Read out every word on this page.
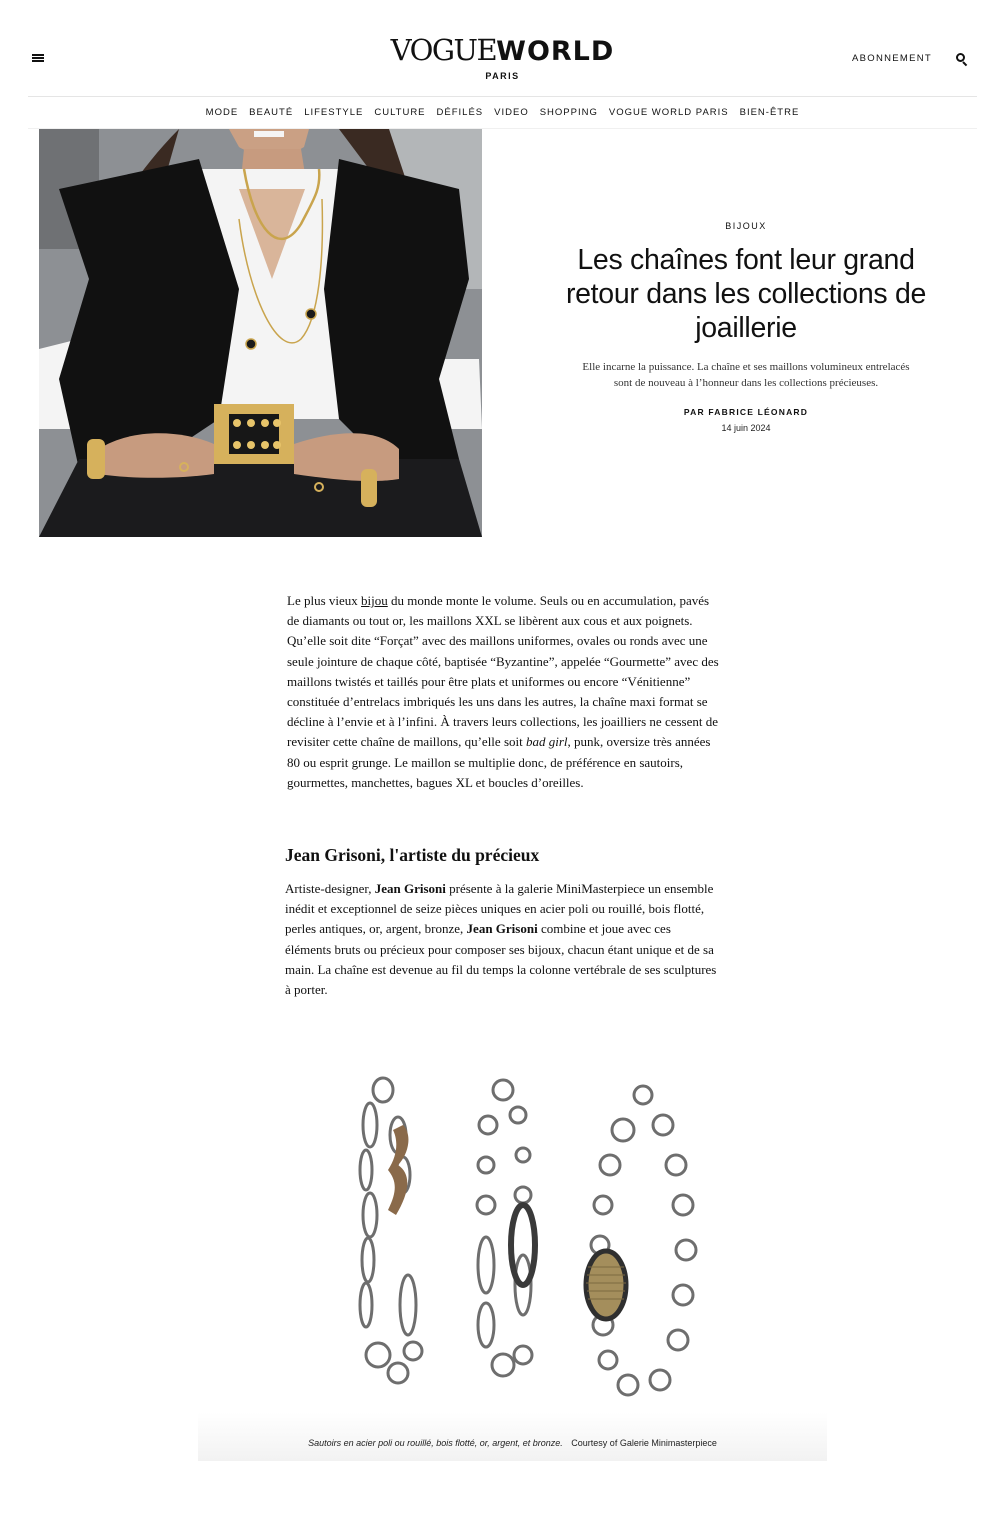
VOGUEWORLD
PARIS
ABONNEMENT
MODE	BEAUTÉ	LIFESTYLE	CULTURE	DÉFILÉS	VIDEO	SHOPPING	VOGUE WORLD PARIS	BIEN-ÊTRE
BIJOUX
Les chaînes font leur grand retour dans les collections de joaillerie

Elle incarne la puissance. La chaîne et ses maillons volumineux entrelacés sont de nouveau à l’honneur dans les collections précieuses.

PAR FABRICE LÉONARD
14 juin 2024

Le plus vieux bijou du monde monte le volume. Seuls ou en accumulation, pavés de diamants ou tout or, les maillons XXL se libèrent aux cous et aux poignets. Qu’elle soit dite “Forçat” avec des maillons uniformes, ovales ou ronds avec une seule jointure de chaque côté, baptisée “Byzantine”, appelée “Gourmette” avec des maillons twistés et taillés pour être plats et uniformes ou encore “Vénitienne” constituée d’entrelacs imbriqués les uns dans les autres, la chaîne maxi format se décline à l’envie et à l’infini. À travers leurs collections, les joailliers ne cessent de revisiter cette chaîne de maillons, qu’elle soit bad girl, punk, oversize très années 80 ou esprit grunge. Le maillon se multiplie donc, de préférence en sautoirs, gourmettes, manchettes, bagues XL et boucles d’oreilles.

Jean Grisoni, l'artiste du précieux

Artiste-designer, Jean Grisoni présente à la galerie MiniMasterpiece un ensemble inédit et exceptionnel de seize pièces uniques en acier poli ou rouillé, bois flotté, perles antiques, or, argent, bronze, Jean Grisoni combine et joue avec ces éléments bruts ou précieux pour composer ses bijoux, chacun étant unique et de sa main. La chaîne est devenue au fil du temps la colonne vertébrale de ses sculptures à porter.

Sautoirs en acier poli ou rouillé, bois flotté, or, argent, et bronze. Courtesy of Galerie Minimasterpiece
